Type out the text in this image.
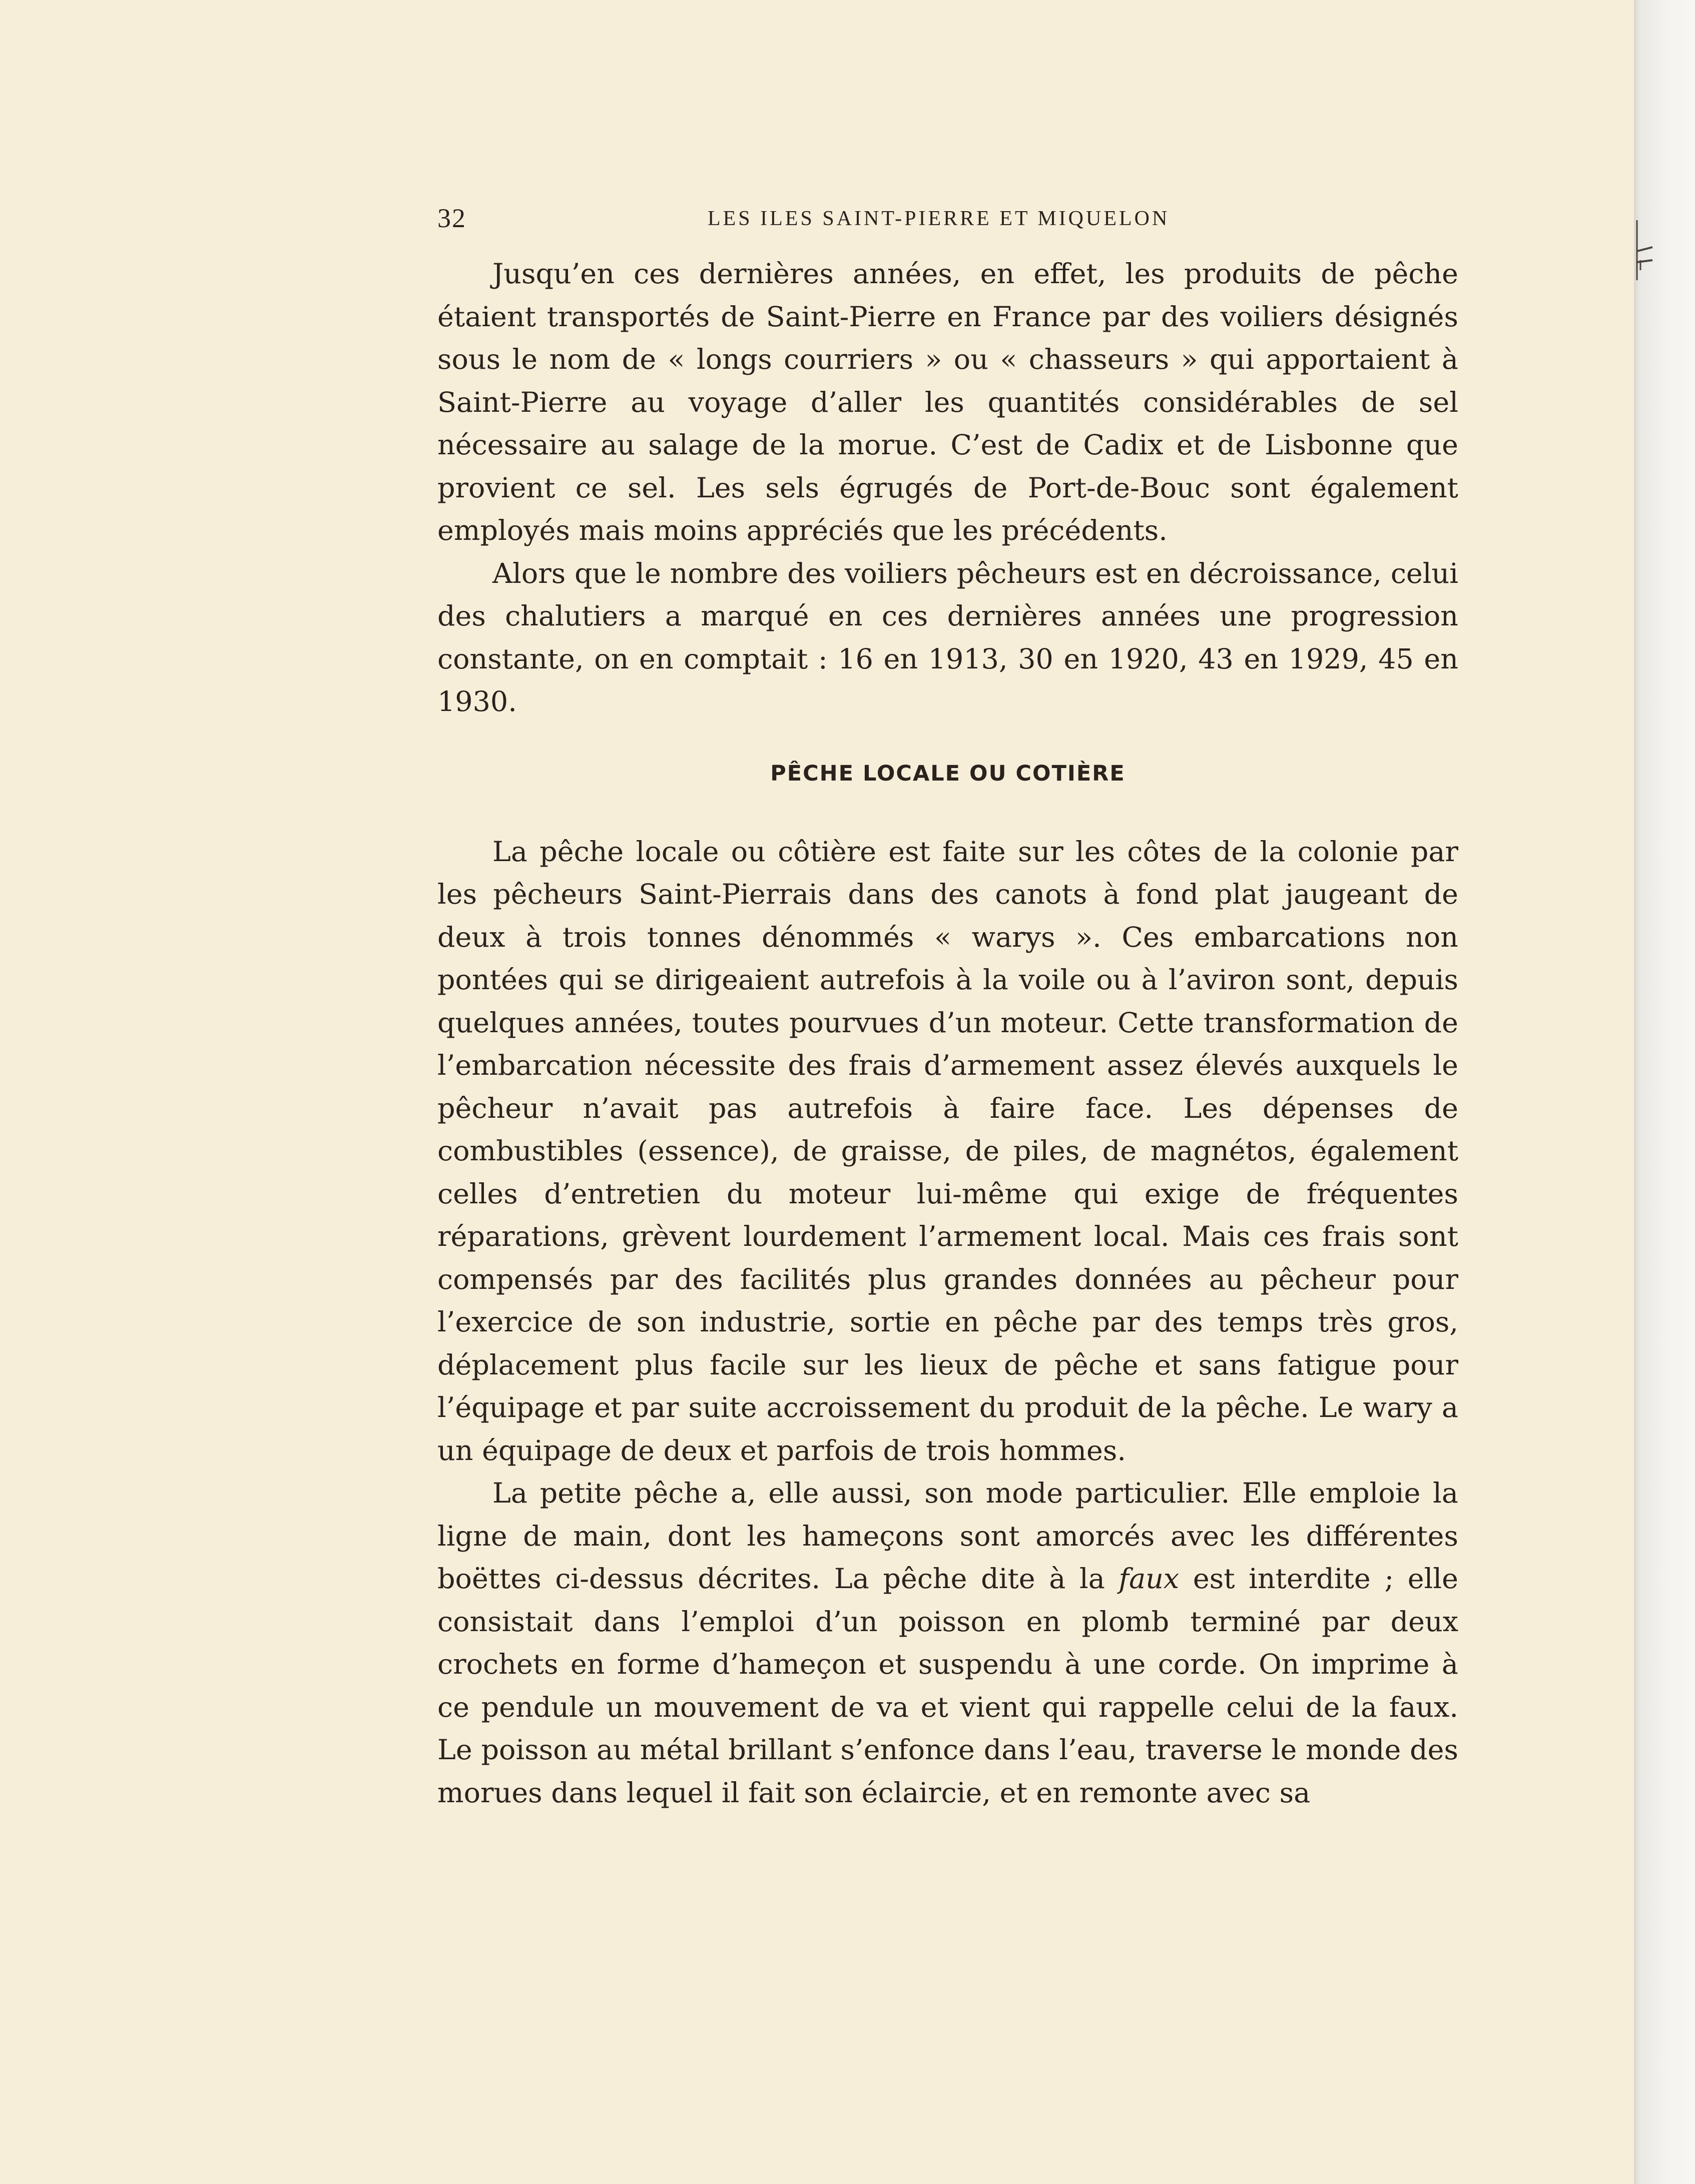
32	LES ILES SAINT-PIERRE ET MIQUELON

Jusqu’en ces dernières années, en effet, les produits de pêche étaient transportés de Saint-Pierre en France par des voiliers désignés sous le nom de « longs courriers » ou « chasseurs » qui apportaient à Saint-Pierre au voyage d’aller les quantités considérables de sel nécessaire au salage de la morue. C’est de Cadix et de Lisbonne que provient ce sel. Les sels égrugés de Port-de-Bouc sont également employés mais moins appréciés que les précédents.

Alors que le nombre des voiliers pêcheurs est en décroissance, celui des chalutiers a marqué en ces dernières années une progression constante, on en comptait : 16 en 1913, 30 en 1920, 43 en 1929, 45 en 1930.

PÊCHE LOCALE OU COTIÈRE

La pêche locale ou côtière est faite sur les côtes de la colonie par les pêcheurs Saint-Pierrais dans des canots à fond plat jaugeant de deux à trois tonnes dénommés « warys ». Ces embarcations non pontées qui se dirigeaient autrefois à la voile ou à l’aviron sont, depuis quelques années, toutes pourvues d’un moteur. Cette transformation de l’embarcation nécessite des frais d’armement assez élevés auxquels le pêcheur n’avait pas autrefois à faire face. Les dépenses de combustibles (essence), de graisse, de piles, de magnétos, également celles d’entretien du moteur lui-même qui exige de fréquentes réparations, grèvent lourdement l’armement local. Mais ces frais sont compensés par des facilités plus grandes données au pêcheur pour l’exercice de son industrie, sortie en pêche par des temps très gros, déplacement plus facile sur les lieux de pêche et sans fatigue pour l’équipage et par suite accroissement du produit de la pêche. Le wary a un équipage de deux et parfois de trois hommes.

La petite pêche a, elle aussi, son mode particulier. Elle emploie la ligne de main, dont les hameçons sont amorcés avec les différentes boëttes ci-dessus décrites. La pêche dite à la faux est interdite ; elle consistait dans l’emploi d’un poisson en plomb terminé par deux crochets en forme d’hameçon et suspendu à une corde. On imprime à ce pendule un mouvement de va et vient qui rappelle celui de la faux. Le poisson au métal brillant s’enfonce dans l’eau, traverse le monde des morues dans lequel il fait son éclaircie, et en remonte avec sa
